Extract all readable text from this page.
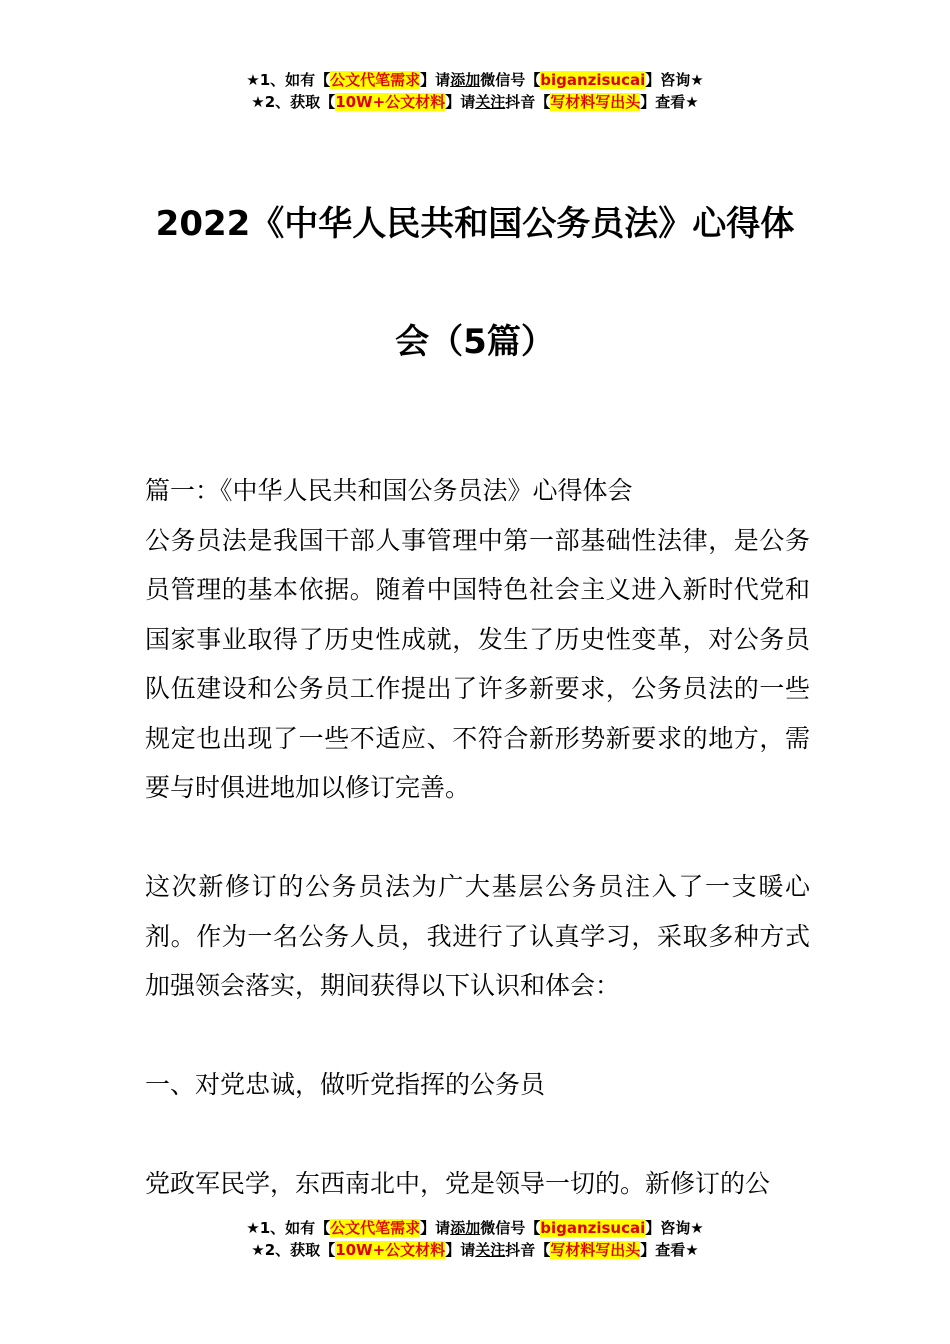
★1、如有【公文代笔需求】请添加微信号【biganzisucai】咨询★
★2、获取【10W+公文材料】请关注抖音【写材料写出头】查看★
2022《中华人民共和国公务员法》心得体
会（5篇）

篇一：《中华人民共和国公务员法》心得体会

公务员法是我国干部人事管理中第一部基础性法律，是公务员管理的基本依据。随着中国特色社会主义进入新时代党和国家事业取得了历史性成就，发生了历史性变革，对公务员队伍建设和公务员工作提出了许多新要求，公务员法的一些规定也出现了一些不适应、不符合新形势新要求的地方，需要与时俱进地加以修订完善。

这次新修订的公务员法为广大基层公务员注入了一支暖心剂。作为一名公务人员，我进行了认真学习，采取多种方式加强领会落实，期间获得以下认识和体会：

一、对党忠诚，做听党指挥的公务员

党政军民学，东西南北中，党是领导一切的。新修订的公

★1、如有【公文代笔需求】请添加微信号【biganzisucai】咨询★
★2、获取【10W+公文材料】请关注抖音【写材料写出头】查看★
